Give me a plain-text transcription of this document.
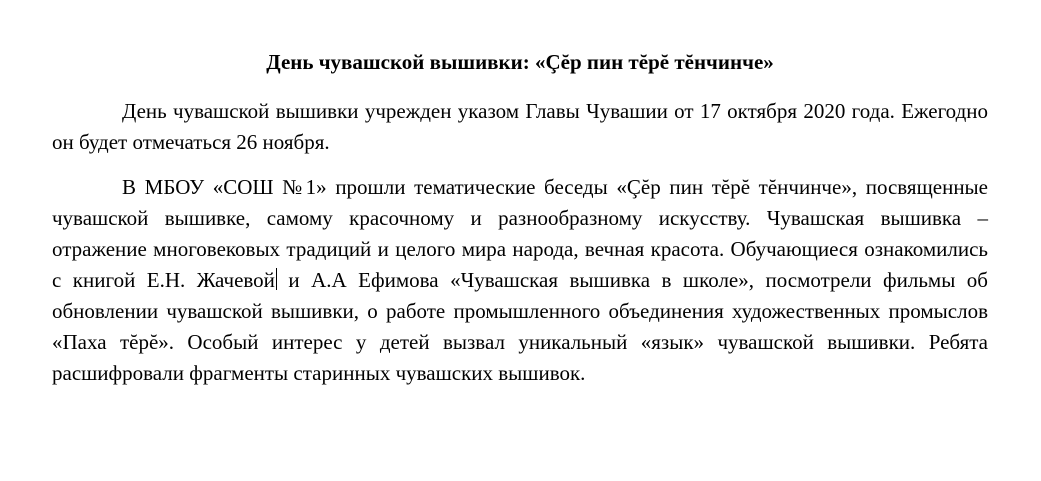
День чувашской вышивки: «Çĕр пин тĕрĕ тĕнчинче»

День чувашской вышивки учрежден указом Главы Чувашии от 17 октября 2020 года. Ежегодно он будет отмечаться 26 ноября.

В МБОУ «СОШ №1» прошли тематические беседы «Çĕр пин тĕрĕ тĕнчинче», посвященные чувашской вышивке, самому красочному и разнообразному искусству. Чувашская вышивка – отражение многовековых традиций и целого мира народа, вечная красота. Обучающиеся ознакомились с книгой Е.Н. Жачевой и А.А Ефимова «Чувашская вышивка в школе», посмотрели фильмы об обновлении чувашской вышивки, о работе промышленного объединения художественных промыслов «Паха тĕрĕ». Особый интерес у детей вызвал уникальный «язык» чувашской вышивки. Ребята расшифровали фрагменты старинных чувашских вышивок.
